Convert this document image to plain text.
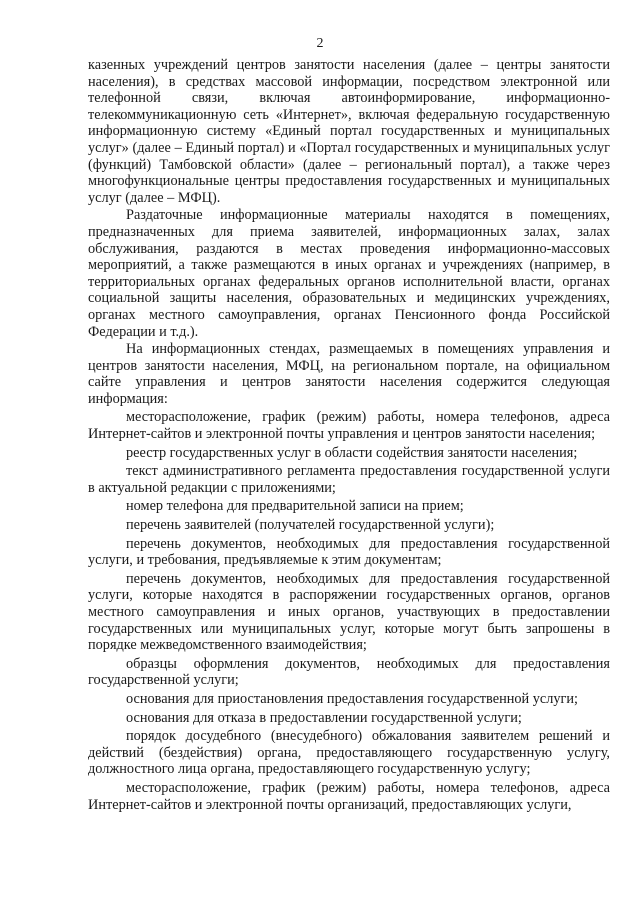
2

казенных учреждений центров занятости населения (далее – центры занятости населения), в средствах массовой информации, посредством электронной или телефонной связи, включая автоинформирование, информационно-телекоммуникационную сеть «Интернет», включая федеральную государственную информационную систему «Единый портал государственных и муниципальных услуг» (далее – Единый портал) и «Портал государственных и муниципальных услуг (функций) Тамбовской области» (далее – региональный портал), а также через многофункциональные центры предоставления государственных и муниципальных услуг (далее – МФЦ).

Раздаточные информационные материалы находятся в помещениях, предназначенных для приема заявителей, информационных залах, залах обслуживания, раздаются в местах проведения информационно-массовых мероприятий, а также размещаются в иных органах и учреждениях (например, в территориальных органах федеральных органов исполнительной власти, органах социальной защиты населения, образовательных и медицинских учреждениях, органах местного самоуправления, органах Пенсионного фонда Российской Федерации и т.д.).

На информационных стендах, размещаемых в помещениях управления и центров занятости населения, МФЦ, на региональном портале, на официальном сайте управления и центров занятости населения содержится следующая информация:

месторасположение, график (режим) работы, номера телефонов, адреса Интернет-сайтов и электронной почты управления и центров занятости населения;

реестр государственных услуг в области содействия занятости населения;

текст административного регламента предоставления государственной услуги в актуальной редакции с приложениями;

номер телефона для предварительной записи на прием;

перечень заявителей (получателей государственной услуги);

перечень документов, необходимых для предоставления государственной услуги, и требования, предъявляемые к этим документам;

перечень документов, необходимых для предоставления государственной услуги, которые находятся в распоряжении государственных органов, органов местного самоуправления и иных органов, участвующих в предоставлении государственных или муниципальных услуг, которые могут быть запрошены в порядке межведомственного взаимодействия;

образцы оформления документов, необходимых для предоставления государственной услуги;

основания для приостановления предоставления государственной услуги;

основания для отказа в предоставлении государственной услуги;

порядок досудебного (внесудебного) обжалования заявителем решений и действий (бездействия) органа, предоставляющего государственную услугу, должностного лица органа, предоставляющего государственную услугу;

месторасположение, график (режим) работы, номера телефонов, адреса Интернет-сайтов и электронной почты организаций, предоставляющих услуги,
